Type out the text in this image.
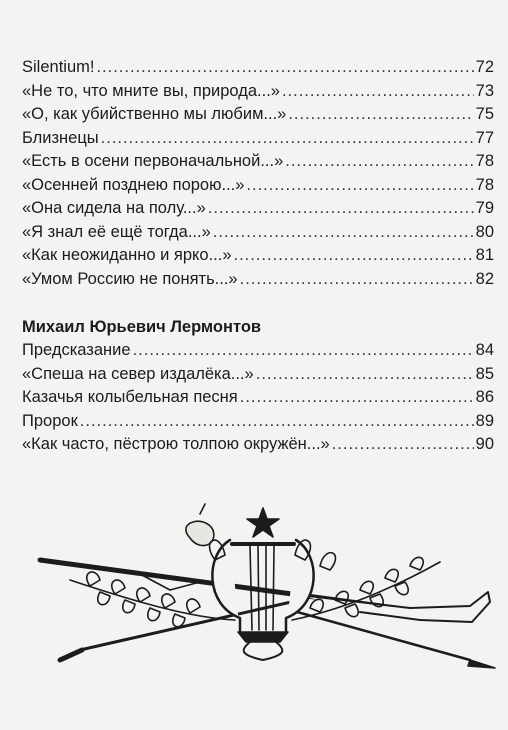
Silentium! .....	72
«Не то, что мните вы, природа...» .....	73
«О, как убийственно мы любим...» .....	75
Близнецы .....	77
«Есть в осени первоначальной...» .....	78
«Осенней позднею порою...» .....	78
«Она сидела на полу...» .....	79
«Я знал её ещё тогда...» .....	80
«Как неожиданно и ярко...» .....	81
«Умом Россию не понять...» .....	82
Михаил Юрьевич Лермонтов
Предсказание .....	84
«Спеша на север издалёка...» .....	85
Казачья колыбельная песня .....	86
Пророк .....	89
«Как часто, пёстрою толпою окружён...» .....	90
